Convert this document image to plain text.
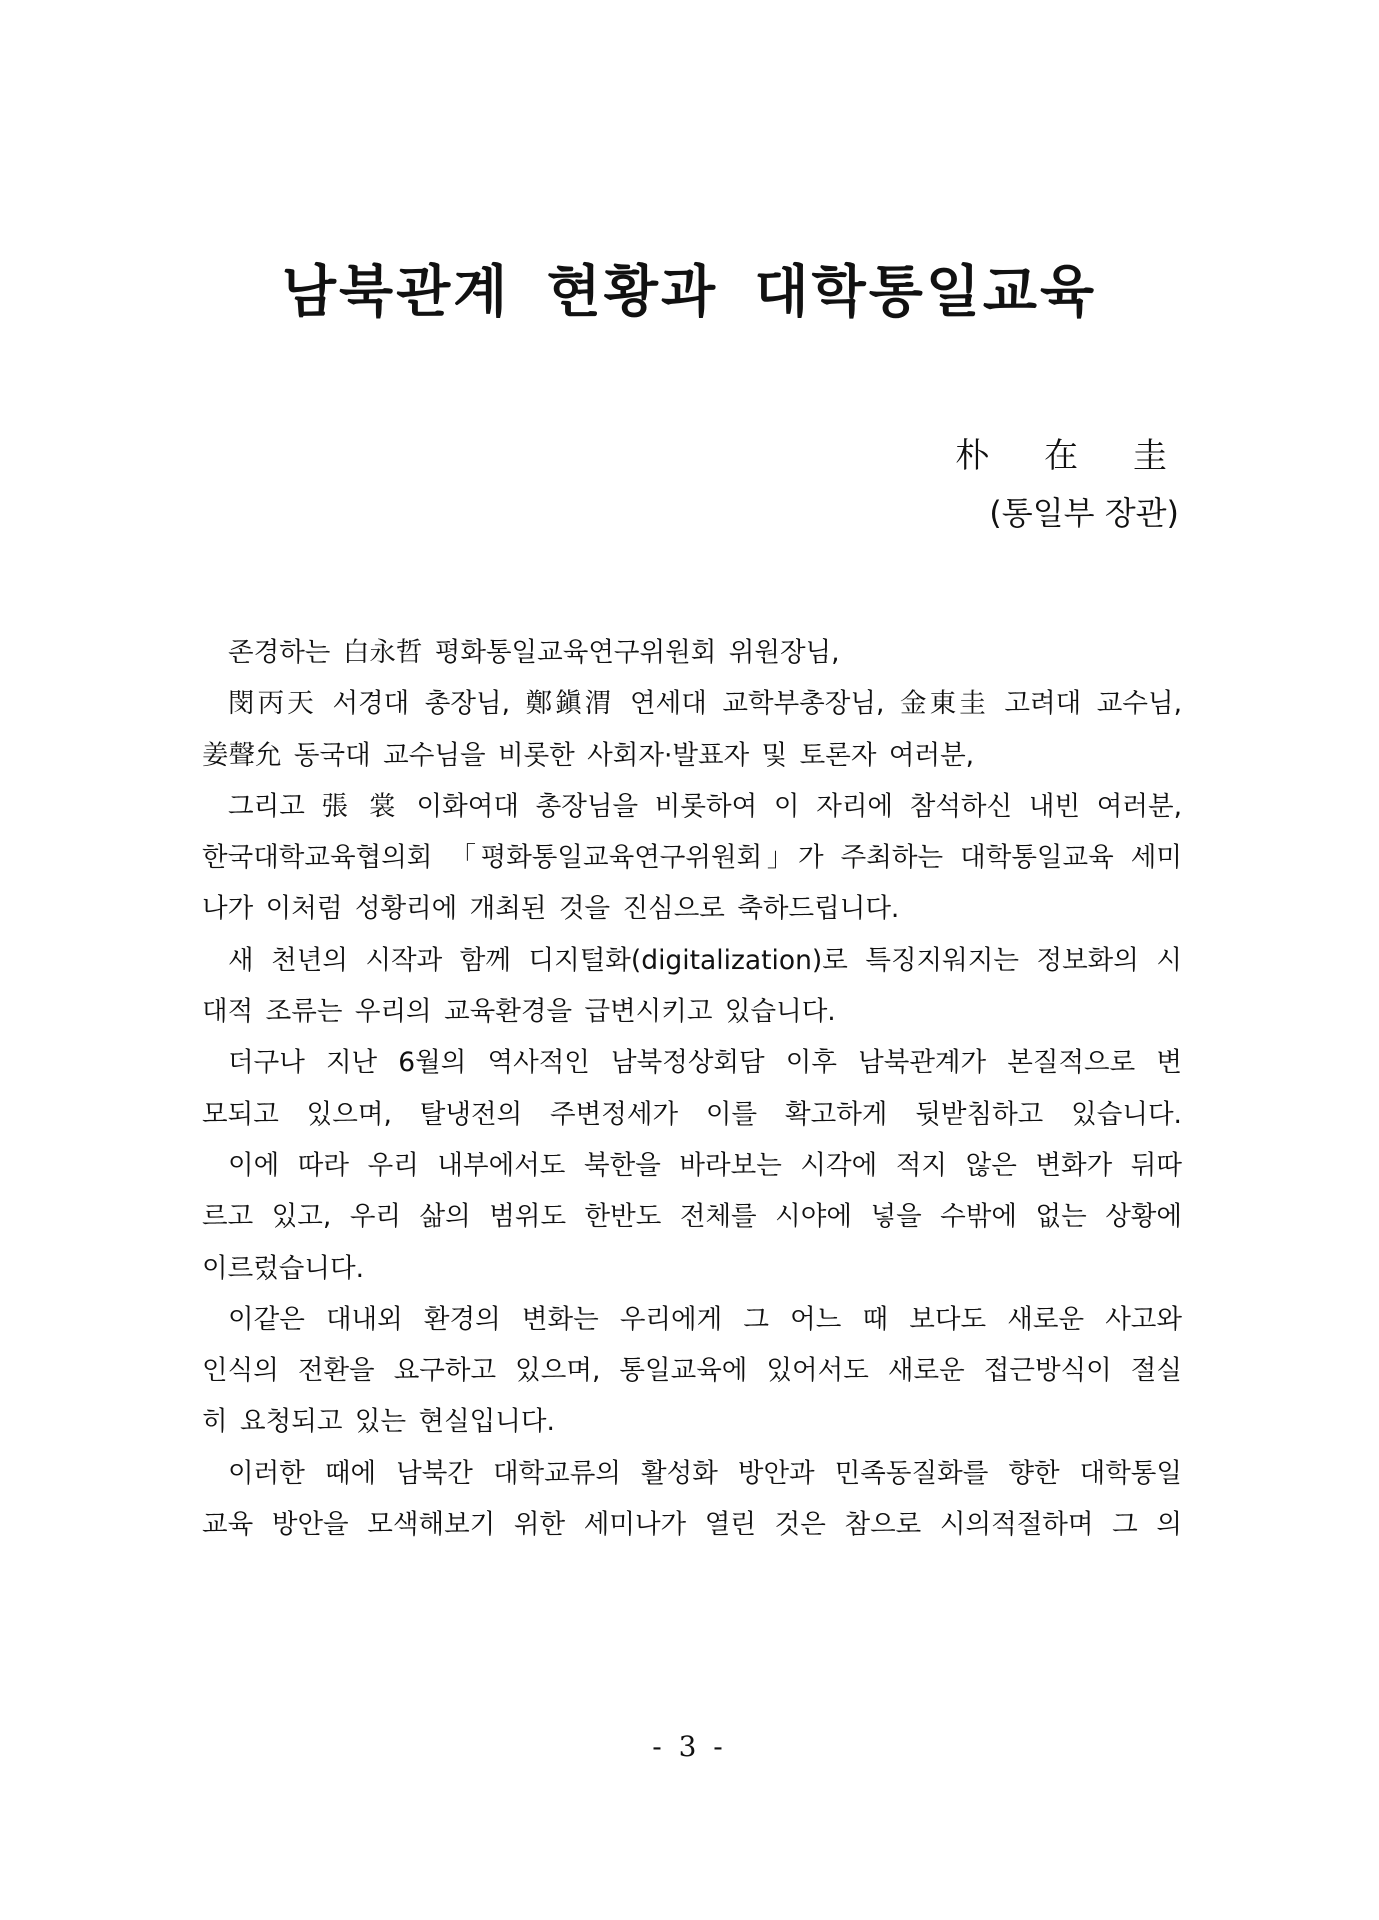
남북관계 현황과 대학통일교육

朴 在 圭

(통일부 장관)

존경하는 白永哲 평화통일교육연구위원회 위원장님,
閔丙天 서경대 총장님, 鄭鎭渭 연세대 교학부총장님, 金東圭 고려대 교수님,
姜聲允 동국대 교수님을 비롯한 사회자·발표자 및 토론자 여러분,
그리고 張 裳 이화여대 총장님을 비롯하여 이 자리에 참석하신 내빈 여러분,
한국대학교육협의회 「평화통일교육연구위원회」가 주최하는 대학통일교육 세미
나가 이처럼 성황리에 개최된 것을 진심으로 축하드립니다.
새 천년의 시작과 함께 디지털화(digitalization)로 특징지워지는 정보화의 시
대적 조류는 우리의 교육환경을 급변시키고 있습니다.
더구나 지난 6월의 역사적인 남북정상회담 이후 남북관계가 본질적으로 변
모되고 있으며, 탈냉전의 주변정세가 이를 확고하게 뒷받침하고 있습니다.
이에 따라 우리 내부에서도 북한을 바라보는 시각에 적지 않은 변화가 뒤따
르고 있고, 우리 삶의 범위도 한반도 전체를 시야에 넣을 수밖에 없는 상황에
이르렀습니다.
이같은 대내외 환경의 변화는 우리에게 그 어느 때 보다도 새로운 사고와
인식의 전환을 요구하고 있으며, 통일교육에 있어서도 새로운 접근방식이 절실
히 요청되고 있는 현실입니다.
이러한 때에 남북간 대학교류의 활성화 방안과 민족동질화를 향한 대학통일
교육 방안을 모색해보기 위한 세미나가 열린 것은 참으로 시의적절하며 그 의
- 3 -
